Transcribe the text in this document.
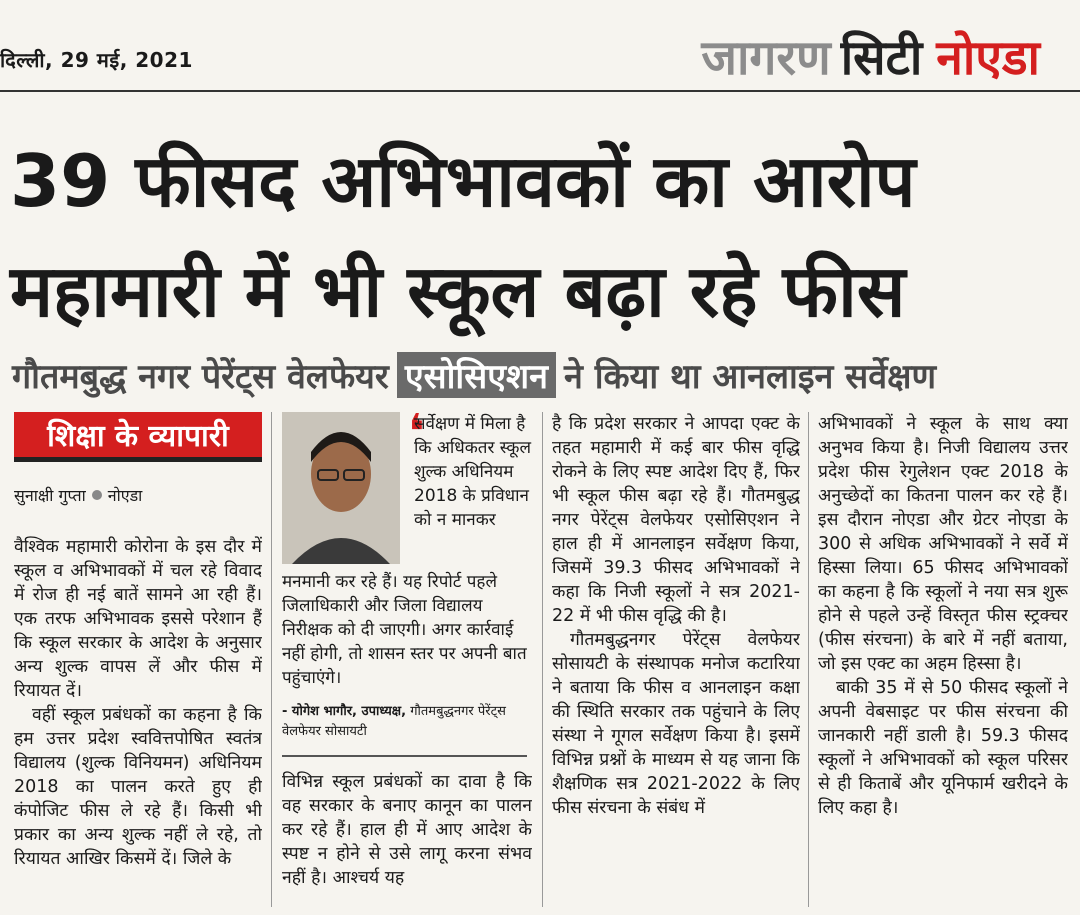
दिल्ली, 29 मई, 2021	जागरण सिटी नोएडा
39 फीसद अभिभावकों का आरोप
महामारी में भी स्कूल बढ़ा रहे फीस
गौतमबुद्ध नगर पेरेंट्स वेलफेयर एसोसिएशन ने किया था आनलाइन सर्वेक्षण
शिक्षा के व्यापारी
सुनाक्षी गुप्ता नोएडा

वैश्विक महामारी कोरोना के इस दौर में स्कूल व अभिभावकों में चल रहे विवाद में रोज ही नई बातें सामने आ रही हैं। एक तरफ अभिभावक इससे परेशान हैं कि स्कूल सरकार के आदेश के अनुसार अन्य शुल्क वापस लें और फीस में रियायत दें।

वहीं स्कूल प्रबंधकों का कहना है कि हम उत्तर प्रदेश स्ववित्तपोषित स्वतंत्र विद्यालय (शुल्क विनियमन) अधिनियम 2018 का पालन करते हुए ही कंपोजिट फीस ले रहे हैं। किसी भी प्रकार का अन्य शुल्क नहीं ले रहे, तो रियायत आखिर किसमें दें। जिले के

❛
सर्वेक्षण में मिला है कि अधिकतर स्कूल शुल्क अधिनियम 2018 के प्रविधान को न मानकर
मनमानी कर रहे हैं। यह रिपोर्ट पहले जिलाधिकारी और जिला विद्यालय निरीक्षक को दी जाएगी। अगर कार्रवाई नहीं होगी, तो शासन स्तर पर अपनी बात पहुंचाएंगे।
- योगेश भागौर, उपाध्यक्ष, गौतमबुद्धनगर पेरेंट्स वेलफेयर सोसायटी

विभिन्न स्कूल प्रबंधकों का दावा है कि वह सरकार के बनाए कानून का पालन कर रहे हैं। हाल ही में आए आदेश के स्पष्ट न होने से उसे लागू करना संभव नहीं है। आश्चर्य यह

है कि प्रदेश सरकार ने आपदा एक्ट के तहत महामारी में कई बार फीस वृद्धि रोकने के लिए स्पष्ट आदेश दिए हैं, फिर भी स्कूल फीस बढ़ा रहे हैं। गौतमबुद्ध नगर पेरेंट्स वेलफेयर एसोसिएशन ने हाल ही में आनलाइन सर्वेक्षण किया, जिसमें 39.3 फीसद अभिभावकों ने कहा कि निजी स्कूलों ने सत्र 2021-22 में भी फीस वृद्धि की है।

गौतमबुद्धनगर पेरेंट्स वेलफेयर सोसायटी के संस्थापक मनोज कटारिया ने बताया कि फीस व आनलाइन कक्षा की स्थिति सरकार तक पहुंचाने के लिए संस्था ने गूगल सर्वेक्षण किया है। इसमें विभिन्न प्रश्नों के माध्यम से यह जाना कि शैक्षणिक सत्र 2021-2022 के लिए फीस संरचना के संबंध में

अभिभावकों ने स्कूल के साथ क्या अनुभव किया है। निजी विद्यालय उत्तर प्रदेश फीस रेगुलेशन एक्ट 2018 के अनुच्छेदों का कितना पालन कर रहे हैं। इस दौरान नोएडा और ग्रेटर नोएडा के 300 से अधिक अभिभावकों ने सर्वे में हिस्सा लिया। 65 फीसद अभिभावकों का कहना है कि स्कूलों ने नया सत्र शुरू होने से पहले उन्हें विस्तृत फीस स्ट्रक्चर (फीस संरचना) के बारे में नहीं बताया, जो इस एक्ट का अहम हिस्सा है।

बाकी 35 में से 50 फीसद स्कूलों ने अपनी वेबसाइट पर फीस संरचना की जानकारी नहीं डाली है। 59.3 फीसद स्कूलों ने अभिभावकों को स्कूल परिसर से ही किताबें और यूनिफार्म खरीदने के लिए कहा है।
